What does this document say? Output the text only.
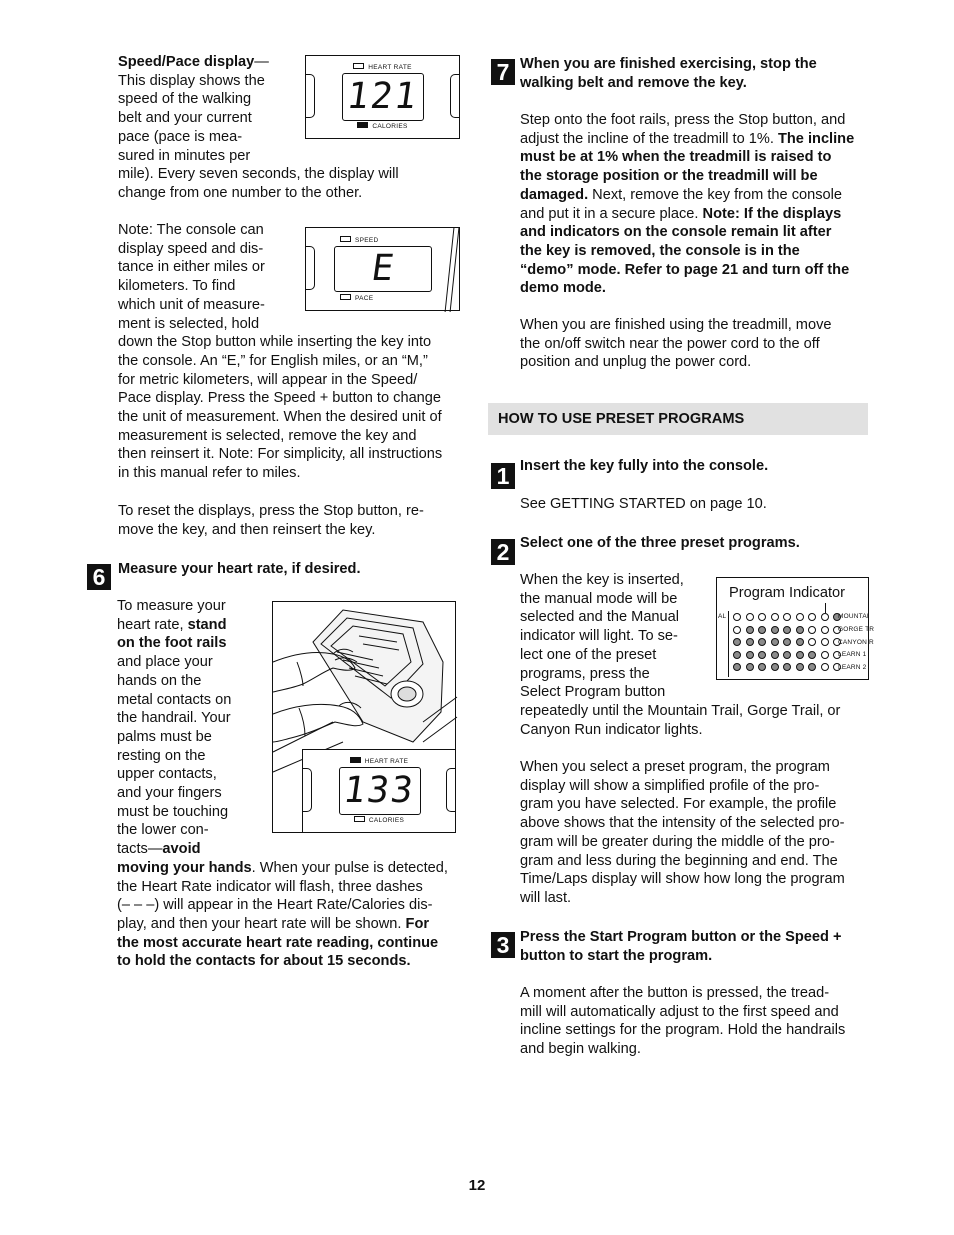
Speed/Pace display—

This display shows the

speed of the walking

belt and your current

pace (pace is mea-

sured in minutes per

mile). Every seven seconds, the display will

change from one number to the other.

HEART RATE
121
CALORIES

Note: The console can

display speed and dis-

tance in either miles or

kilometers. To find

which unit of measure-

ment is selected, hold

down the Stop button while inserting the key into

the console. An “E,” for English miles, or an “M,”

for metric kilometers, will appear in the Speed/

Pace display. Press the Speed + button to change

the unit of measurement. When the desired unit of

measurement is selected, remove the key and

then reinsert it. Note: For simplicity, all instructions

in this manual refer to miles.

SPEED
E
PACE

To reset the displays, press the Stop button, re-

move the key, and then reinsert the key.

6 Measure your heart rate, if desired.

To measure your

heart rate, stand

on the foot rails

and place your

hands on the

metal contacts on

the handrail. Your

palms must be

resting on the

upper contacts,

and your fingers

must be touching

the lower con-

tacts—avoid

moving your hands. When your pulse is detected,

the Heart Rate indicator will flash, three dashes

(– – –) will appear in the Heart Rate/Calories dis-

play, and then your heart rate will be shown. For

the most accurate heart rate reading, continue

to hold the contacts for about 15 seconds.

HEART RATE
133
CALORIES
7 When you are finished exercising, stop the

walking belt and remove the key.

Step onto the foot rails, press the Stop button, and

adjust the incline of the treadmill to 1%. The incline

must be at 1% when the treadmill is raised to

the storage position or the treadmill will be

damaged. Next, remove the key from the console

and put it in a secure place. Note: If the displays

and indicators on the console remain lit after

the key is removed, the console is in the

“demo” mode. Refer to page 21 and turn off the

demo mode.

When you are finished using the treadmill, move

the on/off switch near the power cord to the off

position and unplug the power cord.

HOW TO USE PRESET PROGRAMS
1 Insert the key fully into the console.
See GETTING STARTED on page 10.
2 Select one of the three preset programs.

When the key is inserted,

the manual mode will be

selected and the Manual

indicator will light. To se-

lect one of the preset

programs, press the

Select Program button

repeatedly until the Mountain Trail, Gorge Trail, or

Canyon Run indicator lights.

Program Indicator
AL	MOUNTAI
GORGE TR
CANYON R
LEARN 1
LEARN 2

When you select a preset program, the program

display will show a simplified profile of the pro-

gram you have selected. For example, the profile

above shows that the intensity of the selected pro-

gram will be greater during the middle of the pro-

gram and less during the beginning and end. The

Time/Laps display will show how long the program

will last.

3 Press the Start Program button or the Speed +

button to start the program.

A moment after the button is pressed, the tread-

mill will automatically adjust to the first speed and

incline settings for the program. Hold the handrails

and begin walking.

12
